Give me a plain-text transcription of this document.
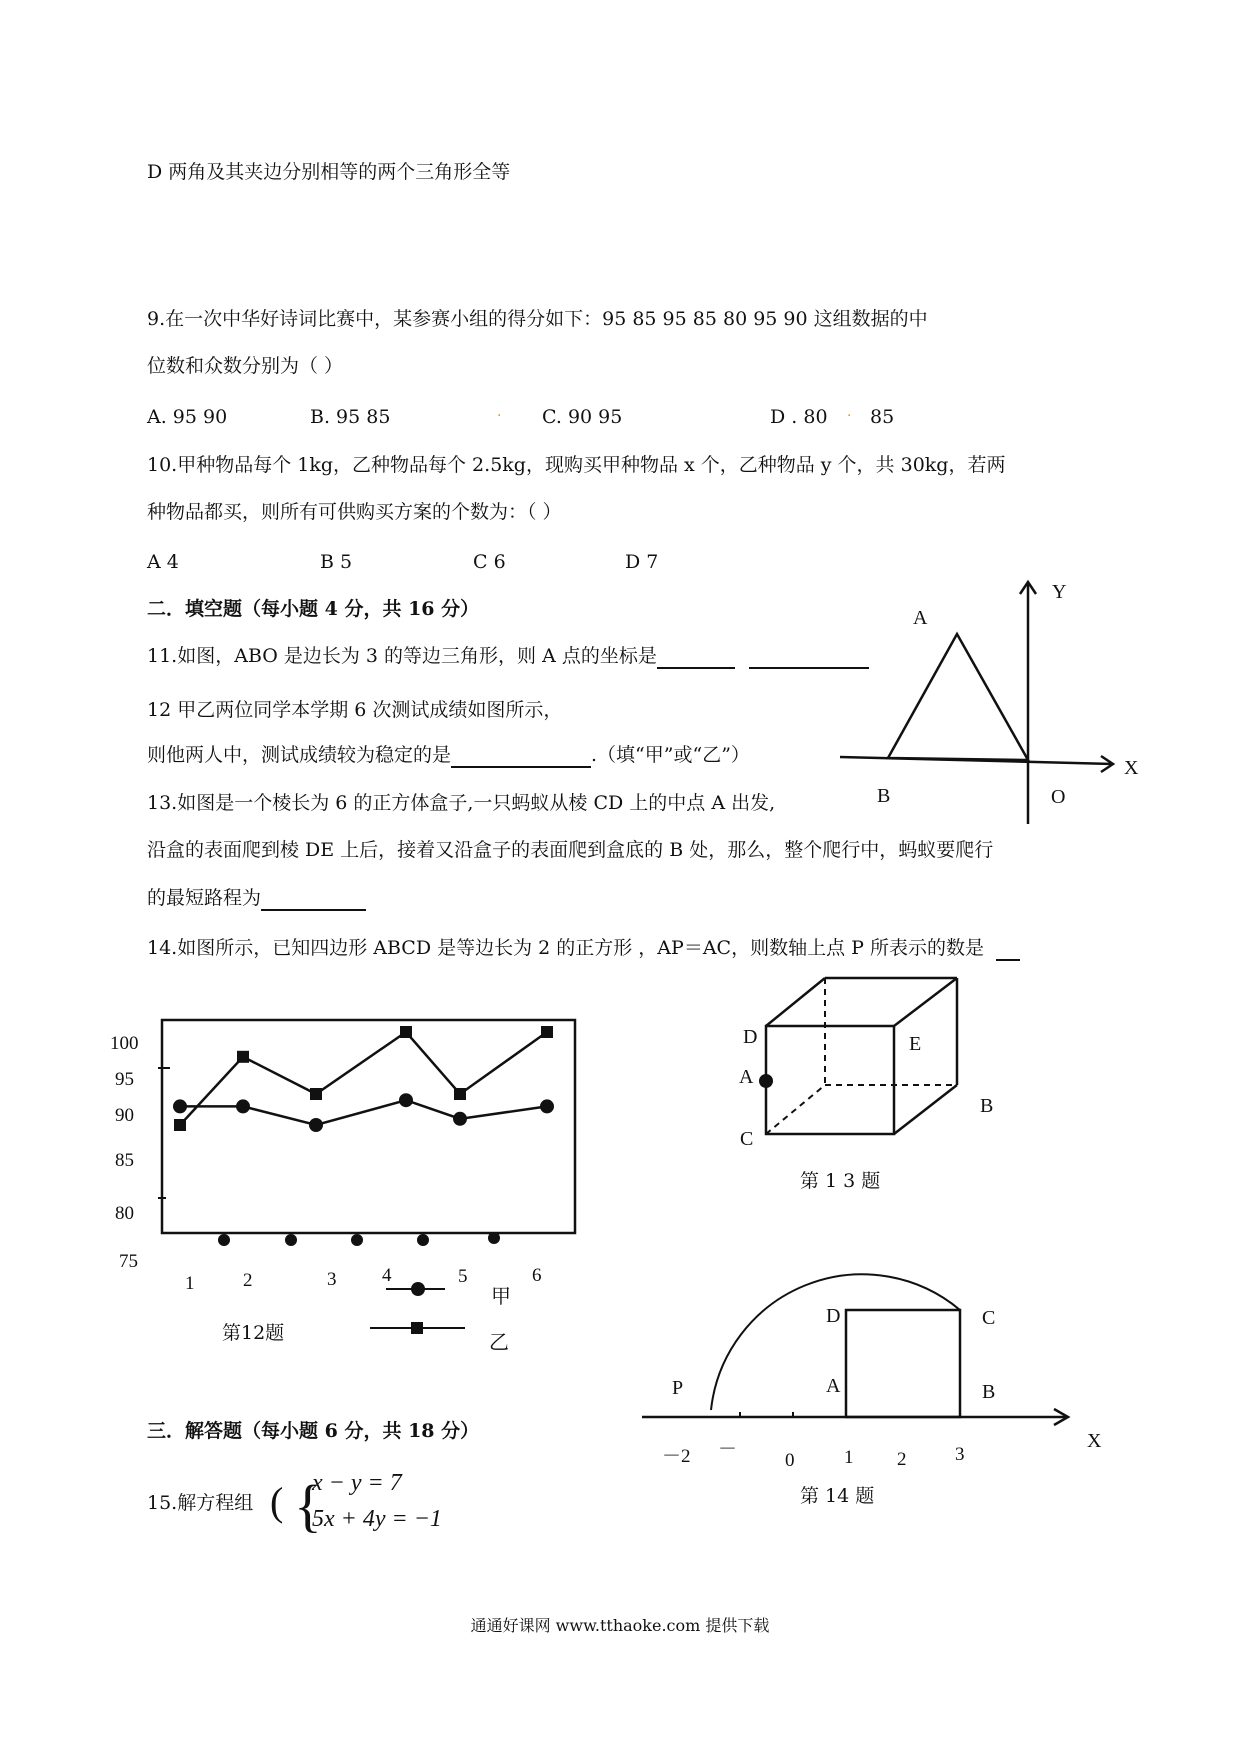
D 两角及其夹边分别相等的两个三角形全等
9.在一次中华好诗词比赛中，某参赛小组的得分如下：95 85 95 85 80 95 90 这组数据的中
位数和众数分别为（ ）
A. 95 90	B. 95 85	· C. 90 95	D . 80 · 85
10.甲种物品每个 1kg，乙种物品每个 2.5kg，现购买甲种物品 x 个，乙种物品 y 个，共 30kg，若两
种物品都买，则所有可供购买方案的个数为：（ ）
A 4	B 5	C 6	D 7
二．填空题（每小题 4 分，共 16 分）
11.如图，ABO 是边长为 3 的等边三角形，则 A 点的坐标是
12 甲乙两位同学本学期 6 次测试成绩如图所示，
则他两人中，测试成绩较为稳定的是	.（填“甲”或“乙”）
13.如图是一个棱长为 6 的正方体盒子,一只蚂蚁从棱 CD 上的中点 A 出发,
沿盒的表面爬到棱 DE 上后，接着又沿盒子的表面爬到盒底的 B 处，那么，整个爬行中，蚂蚁要爬行
的最短路程为
14.如图所示，已知四边形 ABCD 是等边长为 2 的正方形 ，AP＝AC，则数轴上点 P 所表示的数是
A
B	O
X
Y
100
95
90
85
80
75
1	2	3 4	5	6
甲
乙
第12题
D	E
A
C
B
第 1 3 题
D	C
A	B
P
X
－2 －
0	1 2	3
第 14 题
三．解答题（每小题 6 分，共 18 分）
15.解方程组 ( {
x − y = 7
5x + 4y = −1
通通好课网 www.tthaoke.com 提供下载
